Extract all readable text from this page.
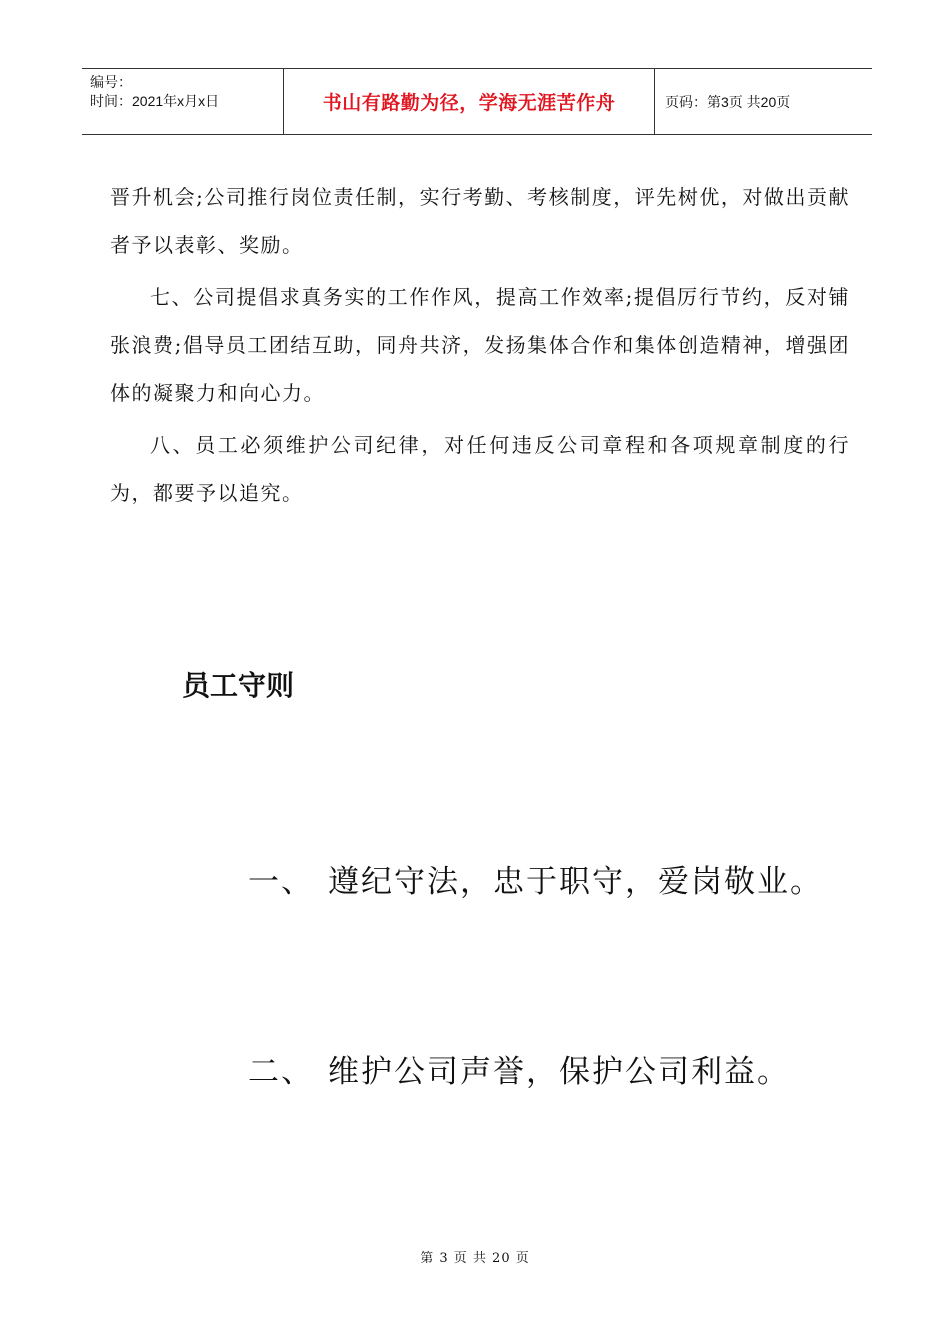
编号：
时间：2021年x月x日	书山有路勤为径，学海无涯苦作舟	页码：第3页 共20页

晋升机会;公司推行岗位责任制，实行考勤、考核制度，评先树优，对做出贡献者予以表彰、奖励。

七、公司提倡求真务实的工作作风，提高工作效率;提倡厉行节约，反对铺张浪费;倡导员工团结互助，同舟共济，发扬集体合作和集体创造精神，增强团体的凝聚力和向心力。

八、员工必须维护公司纪律，对任何违反公司章程和各项规章制度的行为，都要予以追究。

员工守则
一、 遵纪守法，忠于职守，爱岗敬业。
二、 维护公司声誉，保护公司利益。
第 3 页 共 20 页
